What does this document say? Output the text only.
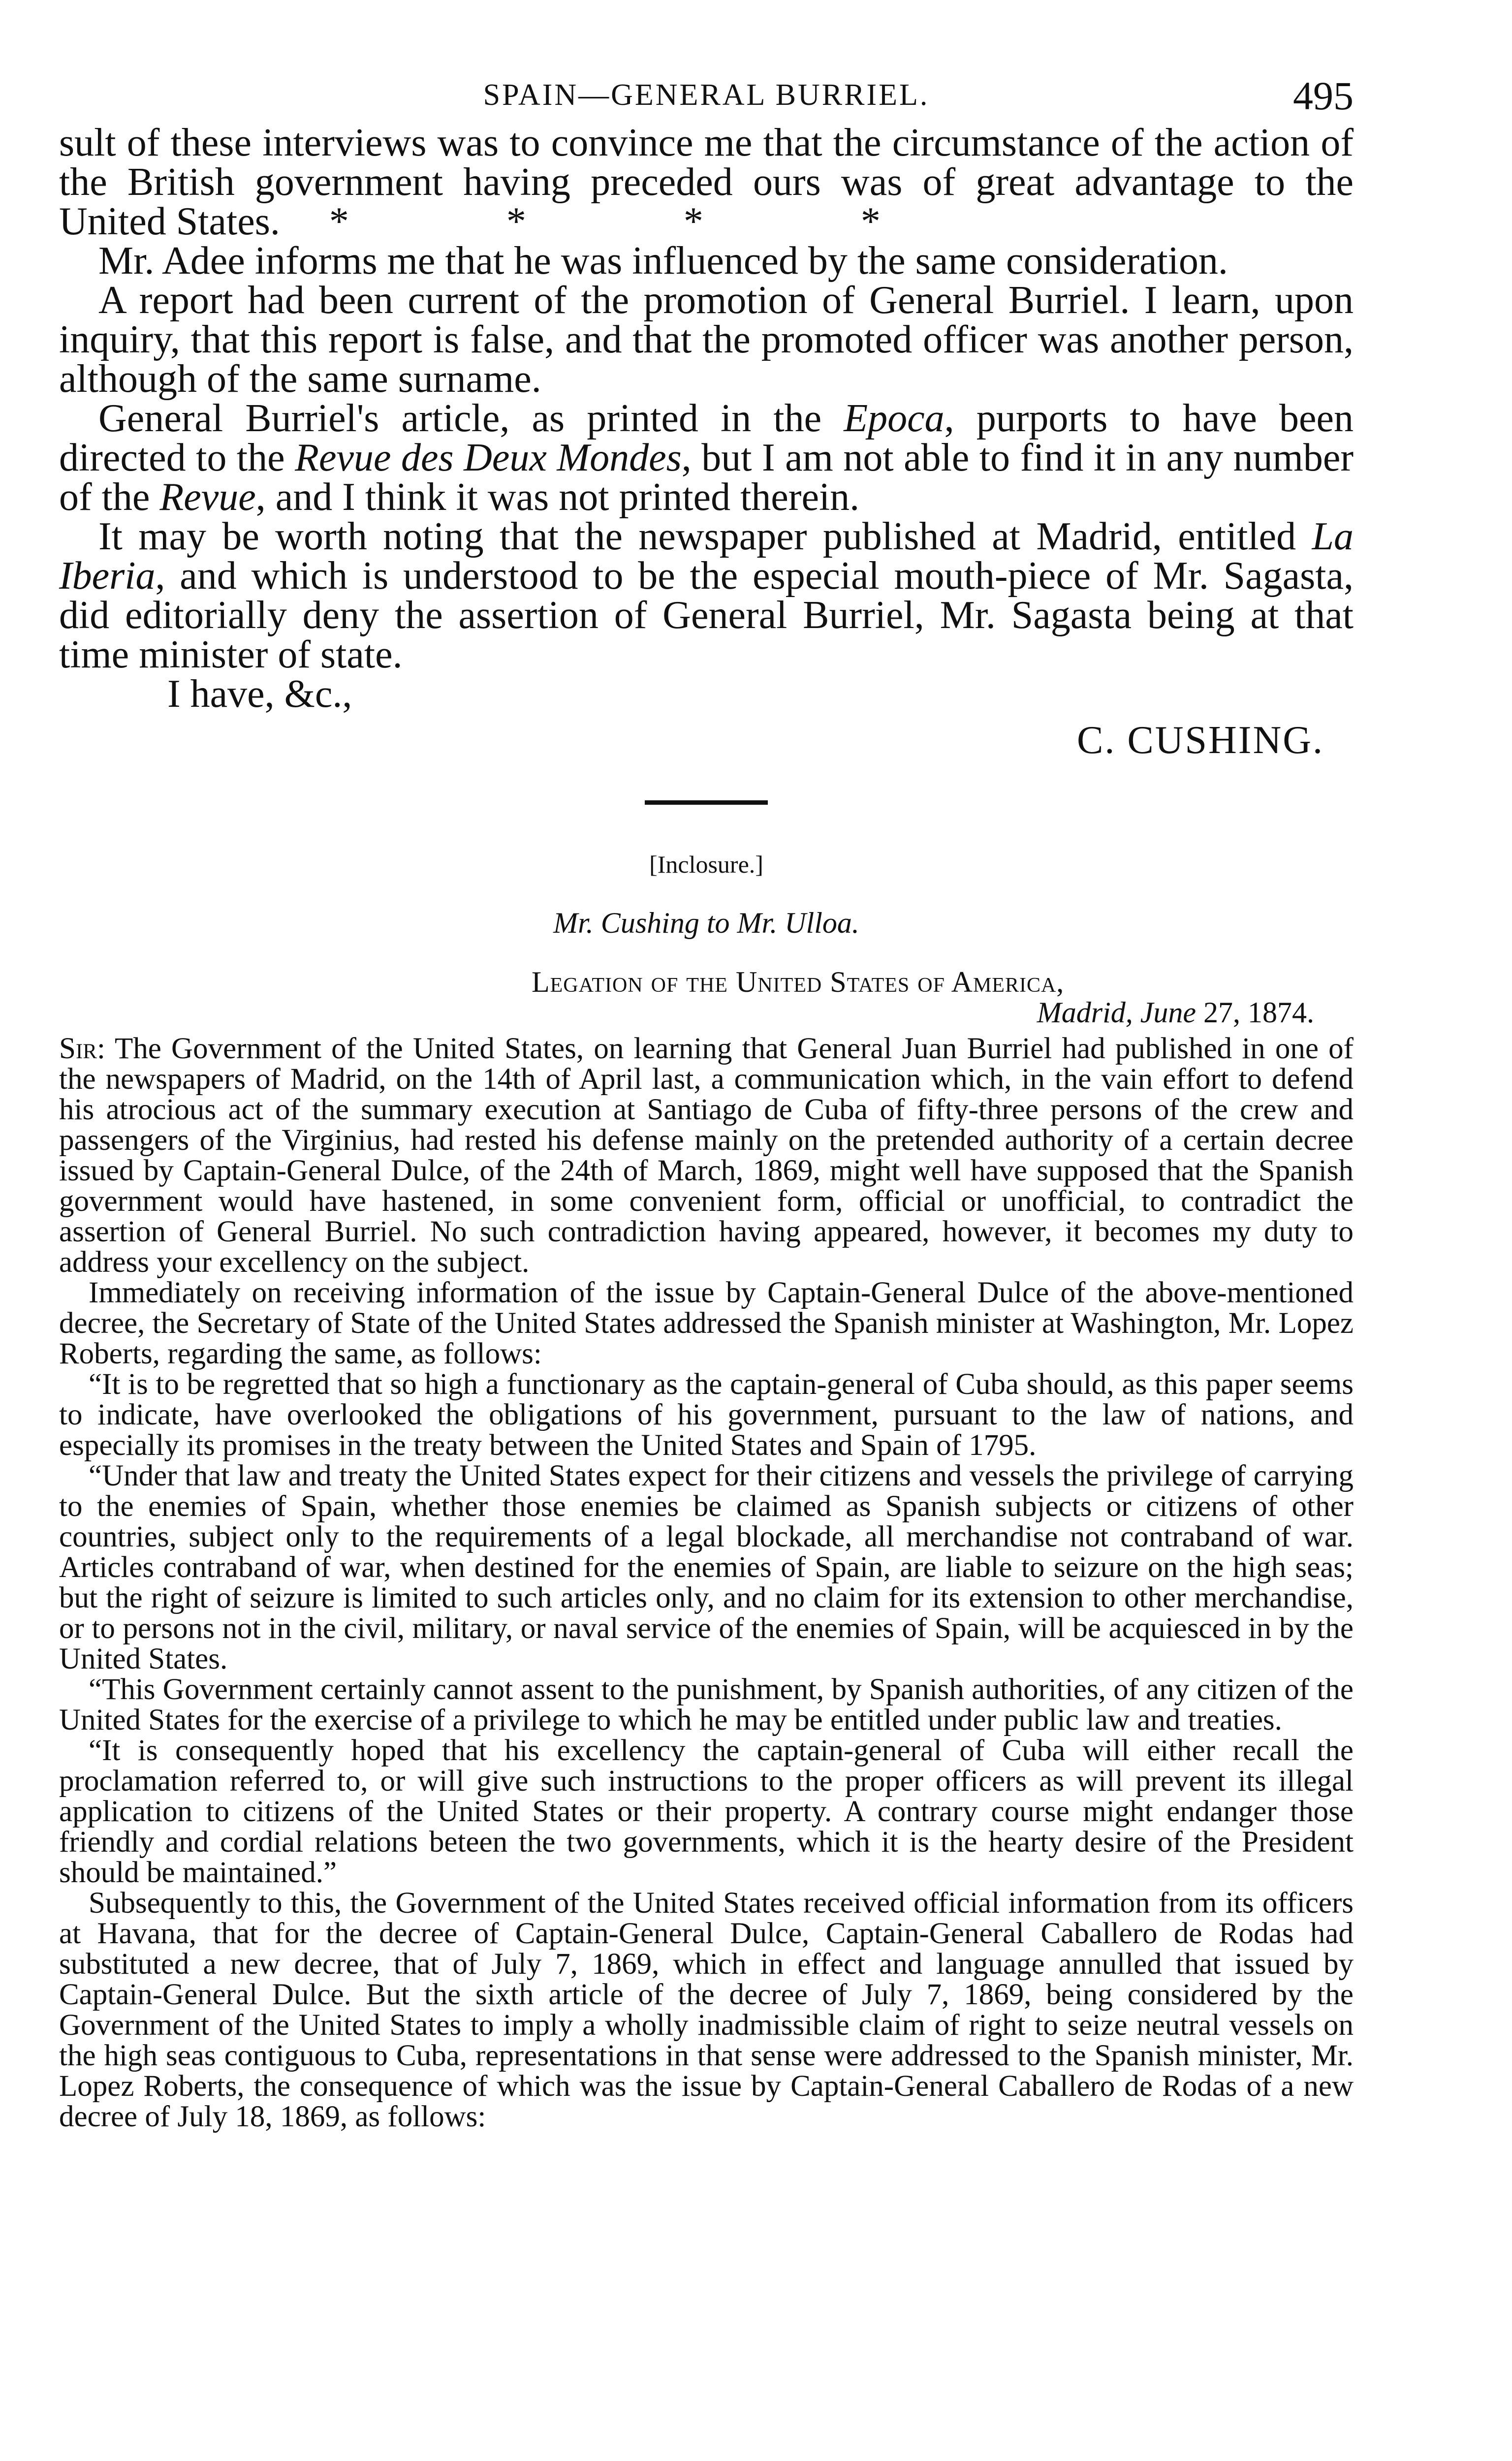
SPAIN—GENERAL BURRIEL.	495

sult of these interviews was to convince me that the circumstance of the action of the British government having preceded ours was of great advantage to the United States. * * * *

Mr. Adee informs me that he was influenced by the same consideration.

A report had been current of the promotion of General Burriel. I learn, upon inquiry, that this report is false, and that the promoted officer was another person, although of the same surname.

General Burriel's article, as printed in the Epoca, purports to have been directed to the Revue des Deux Mondes, but I am not able to find it in any number of the Revue, and I think it was not printed therein.

It may be worth noting that the newspaper published at Madrid, entitled La Iberia, and which is understood to be the especial mouth-piece of Mr. Sagasta, did editorially deny the assertion of General Burriel, Mr. Sagasta being at that time minister of state.

I have, &c.,

C. CUSHING.

[Inclosure.]
Mr. Cushing to Mr. Ulloa.
Legation of the United States of America,
Madrid, June 27, 1874.

Sir: The Government of the United States, on learning that General Juan Burriel had published in one of the newspapers of Madrid, on the 14th of April last, a communication which, in the vain effort to defend his atrocious act of the summary execution at Santiago de Cuba of fifty-three persons of the crew and passengers of the Virginius, had rested his defense mainly on the pretended authority of a certain decree issued by Captain-General Dulce, of the 24th of March, 1869, might well have supposed that the Spanish government would have hastened, in some convenient form, official or unofficial, to contradict the assertion of General Burriel. No such contradiction having appeared, however, it becomes my duty to address your excellency on the subject.

Immediately on receiving information of the issue by Captain-General Dulce of the above-mentioned decree, the Secretary of State of the United States addressed the Spanish minister at Washington, Mr. Lopez Roberts, regarding the same, as follows:

“It is to be regretted that so high a functionary as the captain-general of Cuba should, as this paper seems to indicate, have overlooked the obligations of his government, pursuant to the law of nations, and especially its promises in the treaty between the United States and Spain of 1795.

“Under that law and treaty the United States expect for their citizens and vessels the privilege of carrying to the enemies of Spain, whether those enemies be claimed as Spanish subjects or citizens of other countries, subject only to the requirements of a legal blockade, all merchandise not contraband of war. Articles contraband of war, when destined for the enemies of Spain, are liable to seizure on the high seas; but the right of seizure is limited to such articles only, and no claim for its extension to other merchandise, or to persons not in the civil, military, or naval service of the enemies of Spain, will be acquiesced in by the United States.

“This Government certainly cannot assent to the punishment, by Spanish authorities, of any citizen of the United States for the exercise of a privilege to which he may be entitled under public law and treaties.

“It is consequently hoped that his excellency the captain-general of Cuba will either recall the proclamation referred to, or will give such instructions to the proper officers as will prevent its illegal application to citizens of the United States or their property. A contrary course might endanger those friendly and cordial relations beteen the two governments, which it is the hearty desire of the President should be maintained.”

Subsequently to this, the Government of the United States received official information from its officers at Havana, that for the decree of Captain-General Dulce, Captain-General Caballero de Rodas had substituted a new decree, that of July 7, 1869, which in effect and language annulled that issued by Captain-General Dulce. But the sixth article of the decree of July 7, 1869, being considered by the Government of the United States to imply a wholly inadmissible claim of right to seize neutral vessels on the high seas contiguous to Cuba, representations in that sense were addressed to the Spanish minister, Mr. Lopez Roberts, the consequence of which was the issue by Captain-General Caballero de Rodas of a new decree of July 18, 1869, as follows:
